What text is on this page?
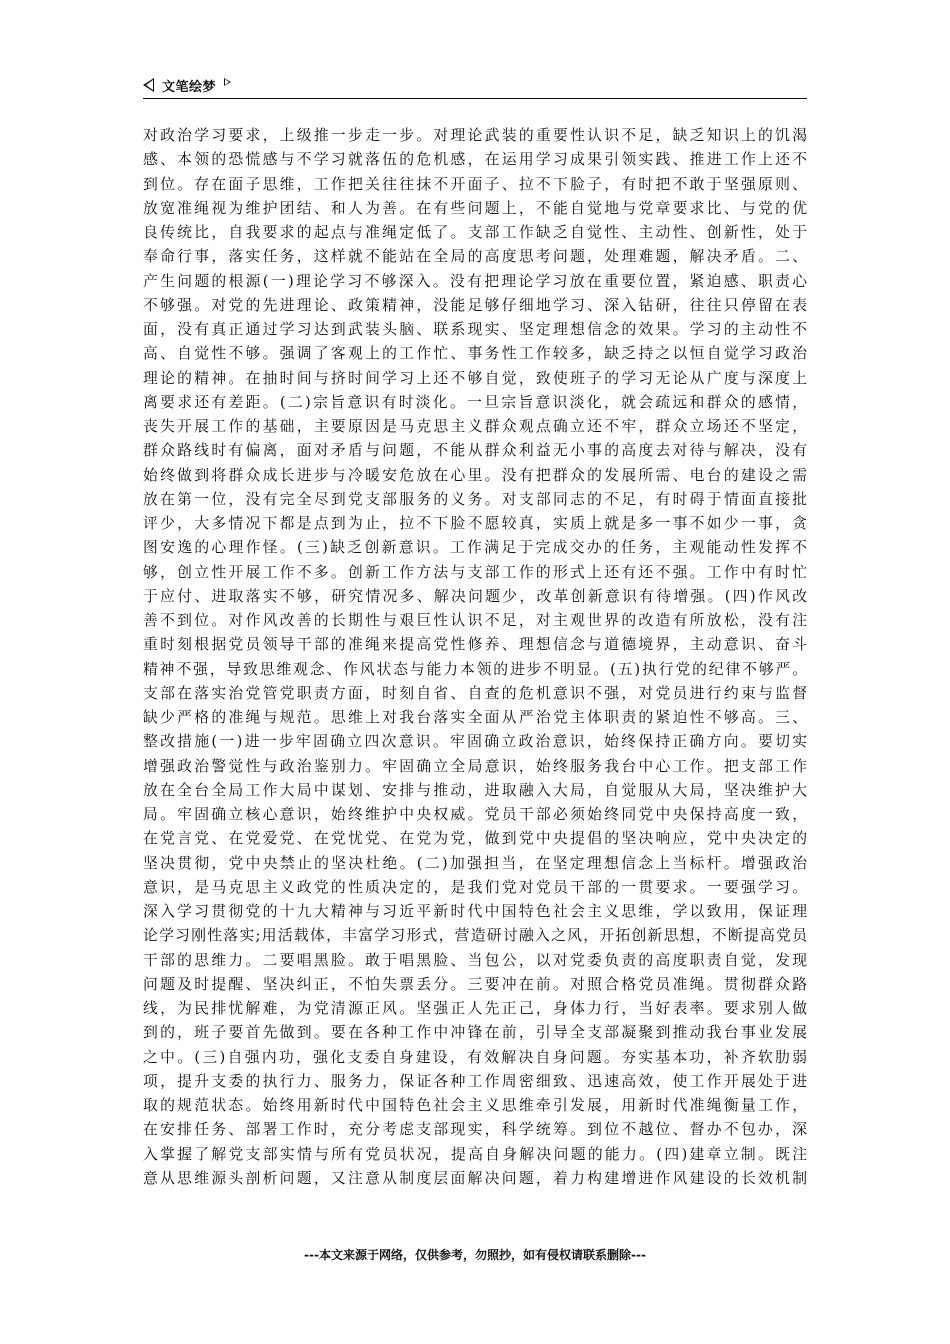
文笔绘梦
对政治学习要求，上级推一步走一步。对理论武装的重要性认识不足，缺乏知识上的饥渴
感、本领的恐慌感与不学习就落伍的危机感，在运用学习成果引领实践、推进工作上还不
到位。存在面子思维，工作把关往往抹不开面子、拉不下脸子，有时把不敢于坚强原则、
放宽准绳视为维护团结、和人为善。在有些问题上，不能自觉地与党章要求比、与党的优
良传统比，自我要求的起点与准绳定低了。支部工作缺乏自觉性、主动性、创新性，处于
奉命行事，落实任务，这样就不能站在全局的高度思考问题，处理难题，解决矛盾。二、
产生问题的根源(一)理论学习不够深入。没有把理论学习放在重要位置，紧迫感、职责心
不够强。对党的先进理论、政策精神，没能足够仔细地学习、深入钻研，往往只停留在表
面，没有真正通过学习达到武装头脑、联系现实、坚定理想信念的效果。学习的主动性不
高、自觉性不够。强调了客观上的工作忙、事务性工作较多，缺乏持之以恒自觉学习政治
理论的精神。在抽时间与挤时间学习上还不够自觉，致使班子的学习无论从广度与深度上
离要求还有差距。(二)宗旨意识有时淡化。一旦宗旨意识淡化，就会疏远和群众的感情，
丧失开展工作的基础，主要原因是马克思主义群众观点确立还不牢，群众立场还不坚定，
群众路线时有偏离，面对矛盾与问题，不能从群众利益无小事的高度去对待与解决，没有
始终做到将群众成长进步与冷暖安危放在心里。没有把群众的发展所需、电台的建设之需
放在第一位，没有完全尽到党支部服务的义务。对支部同志的不足，有时碍于情面直接批
评少，大多情况下都是点到为止，拉不下脸不愿较真，实质上就是多一事不如少一事，贪
图安逸的心理作怪。(三)缺乏创新意识。工作满足于完成交办的任务，主观能动性发挥不
够，创立性开展工作不多。创新工作方法与支部工作的形式上还有还不强。工作中有时忙
于应付、进取落实不够，研究情况多、解决问题少，改革创新意识有待增强。(四)作风改
善不到位。对作风改善的长期性与艰巨性认识不足，对主观世界的改造有所放松，没有注
重时刻根据党员领导干部的准绳来提高党性修养、理想信念与道德境界，主动意识、奋斗
精神不强，导致思维观念、作风状态与能力本领的进步不明显。(五)执行党的纪律不够严。
支部在落实治党管党职责方面，时刻自省、自查的危机意识不强，对党员进行约束与监督
缺少严格的准绳与规范。思维上对我台落实全面从严治党主体职责的紧迫性不够高。三、
整改措施(一)进一步牢固确立四次意识。牢固确立政治意识，始终保持正确方向。要切实
增强政治警觉性与政治鉴别力。牢固确立全局意识，始终服务我台中心工作。把支部工作
放在全台全局工作大局中谋划、安排与推动，进取融入大局，自觉服从大局，坚决维护大
局。牢固确立核心意识，始终维护中央权威。党员干部必须始终同党中央保持高度一致，
在党言党、在党爱党、在党忧党、在党为党，做到党中央提倡的坚决响应，党中央决定的
坚决贯彻，党中央禁止的坚决杜绝。(二)加强担当，在坚定理想信念上当标杆。增强政治
意识，是马克思主义政党的性质决定的，是我们党对党员干部的一贯要求。一要强学习。
深入学习贯彻党的十九大精神与习近平新时代中国特色社会主义思维，学以致用，保证理
论学习刚性落实;用活载体，丰富学习形式，营造研讨融入之风，开拓创新思想，不断提高党员
干部的思维力。二要唱黑脸。敢于唱黑脸、当包公，以对党委负责的高度职责自觉，发现
问题及时提醒、坚决纠正，不怕失票丢分。三要冲在前。对照合格党员准绳。贯彻群众路
线，为民排忧解难，为党清源正风。坚强正人先正己，身体力行，当好表率。要求别人做
到的，班子要首先做到。要在各种工作中冲锋在前，引导全支部凝聚到推动我台事业发展
之中。(三)自强内功，强化支委自身建设，有效解决自身问题。夯实基本功，补齐软肋弱
项，提升支委的执行力、服务力，保证各种工作周密细致、迅速高效，使工作开展处于进
取的规范状态。始终用新时代中国特色社会主义思维牵引发展，用新时代准绳衡量工作，
在安排任务、部署工作时，充分考虑支部现实，科学统筹。到位不越位、督办不包办，深
入掌握了解党支部实情与所有党员状况，提高自身解决问题的能力。(四)建章立制。既注
意从思维源头剖析问题，又注意从制度层面解决问题，着力构建增进作风建设的长效机制
---本文来源于网络，仅供参考，勿照抄，如有侵权请联系删除---
